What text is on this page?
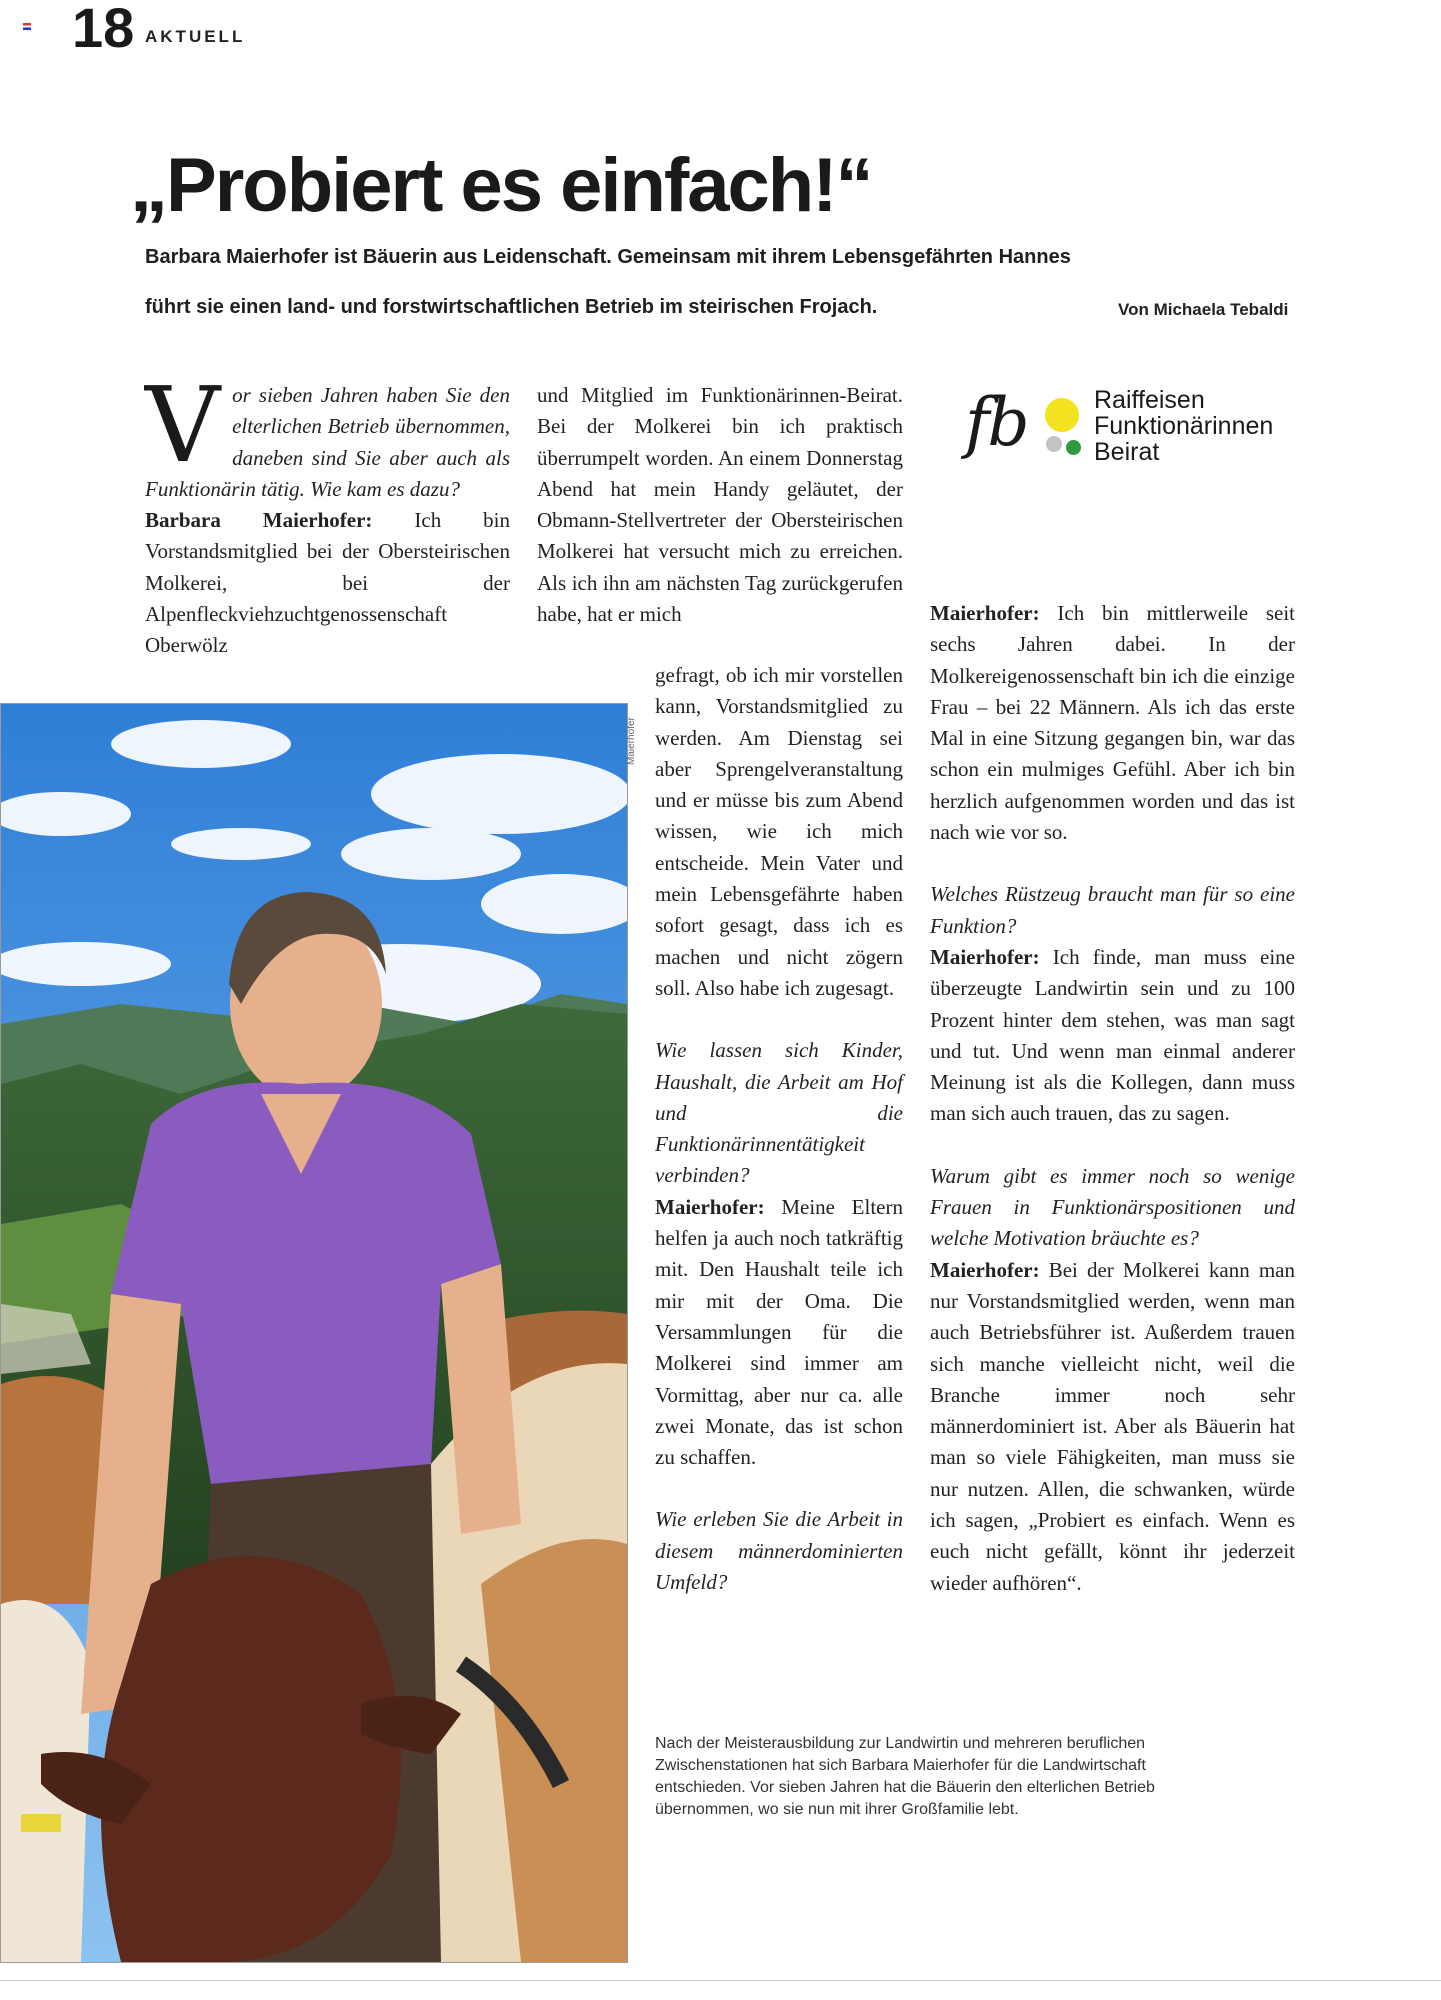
18 AKTUELL
„Probiert es einfach!“
Barbara Maierhofer ist Bäuerin aus Leidenschaft. Gemeinsam mit ihrem Lebensgefährten Hannes
führt sie einen land- und forstwirtschaftlichen Betrieb im steirischen Frojach.	Von Michaela Tebaldi
V or sieben Jahren haben Sie den elterlichen Betrieb übernommen, daneben sind Sie aber auch als Funktionärin tätig. Wie kam es dazu?
Barbara Maierhofer: Ich bin Vorstandsmitglied bei der Obersteirischen Molkerei, bei der Alpenfleckviehzuchtgenossenschaft Oberwölz
und Mitglied im Funktionärinnen-Beirat. Bei der Molkerei bin ich praktisch überrumpelt worden. An einem Donnerstag Abend hat mein Handy geläutet, der Obmann-Stellvertreter der Obersteirischen Molkerei hat versucht mich zu erreichen. Als ich ihn am nächsten Tag zurückgerufen habe, hat er mich
gefragt, ob ich mir vorstellen kann, Vorstandsmitglied zu werden. Am Dienstag sei aber Sprengelveranstaltung und er müsse bis zum Abend wissen, wie ich mich entscheide. Mein Vater und mein Lebensgefährte haben sofort gesagt, dass ich es machen und nicht zögern soll. Also habe ich zugesagt.
Wie lassen sich Kinder, Haushalt, die Arbeit am Hof und die Funktionärinnentätigkeit verbinden?
Maierhofer: Meine Eltern helfen ja auch noch tatkräftig mit. Den Haushalt teile ich mir mit der Oma. Die Versammlungen für die Molkerei sind immer am Vormittag, aber nur ca. alle zwei Monate, das ist schon zu schaffen.
Wie erleben Sie die Arbeit in diesem männerdominierten Umfeld?
fb	Raiffeisen
Funktionärinnen
Beirat
Maierhofer: Ich bin mittlerweile seit sechs Jahren dabei. In der Molkereigenossenschaft bin ich die einzige Frau – bei 22 Männern. Als ich das erste Mal in eine Sitzung gegangen bin, war das schon ein mulmiges Gefühl. Aber ich bin herzlich aufgenommen worden und das ist nach wie vor so.
Welches Rüstzeug braucht man für so eine Funktion?
Maierhofer: Ich finde, man muss eine überzeugte Landwirtin sein und zu 100 Prozent hinter dem stehen, was man sagt und tut. Und wenn man einmal anderer Meinung ist als die Kollegen, dann muss man sich auch trauen, das zu sagen.
Warum gibt es immer noch so wenige Frauen in Funktionärspositionen und welche Motivation bräuchte es?
Maierhofer: Bei der Molkerei kann man nur Vorstandsmitglied werden, wenn man auch Betriebsführer ist. Außerdem trauen sich manche vielleicht nicht, weil die Branche immer noch sehr männerdominiert ist. Aber als Bäuerin hat man so viele Fähigkeiten, man muss sie nur nutzen. Allen, die schwanken, würde ich sagen, „Probiert es einfach. Wenn es euch nicht gefällt, könnt ihr jederzeit wieder aufhören“.
Maierhofer
Nach der Meisterausbildung zur Landwirtin und mehreren beruflichen
Zwischenstationen hat sich Barbara Maierhofer für die Landwirtschaft
entschieden. Vor sieben Jahren hat die Bäuerin den elterlichen Betrieb
übernommen, wo sie nun mit ihrer Großfamilie lebt.
